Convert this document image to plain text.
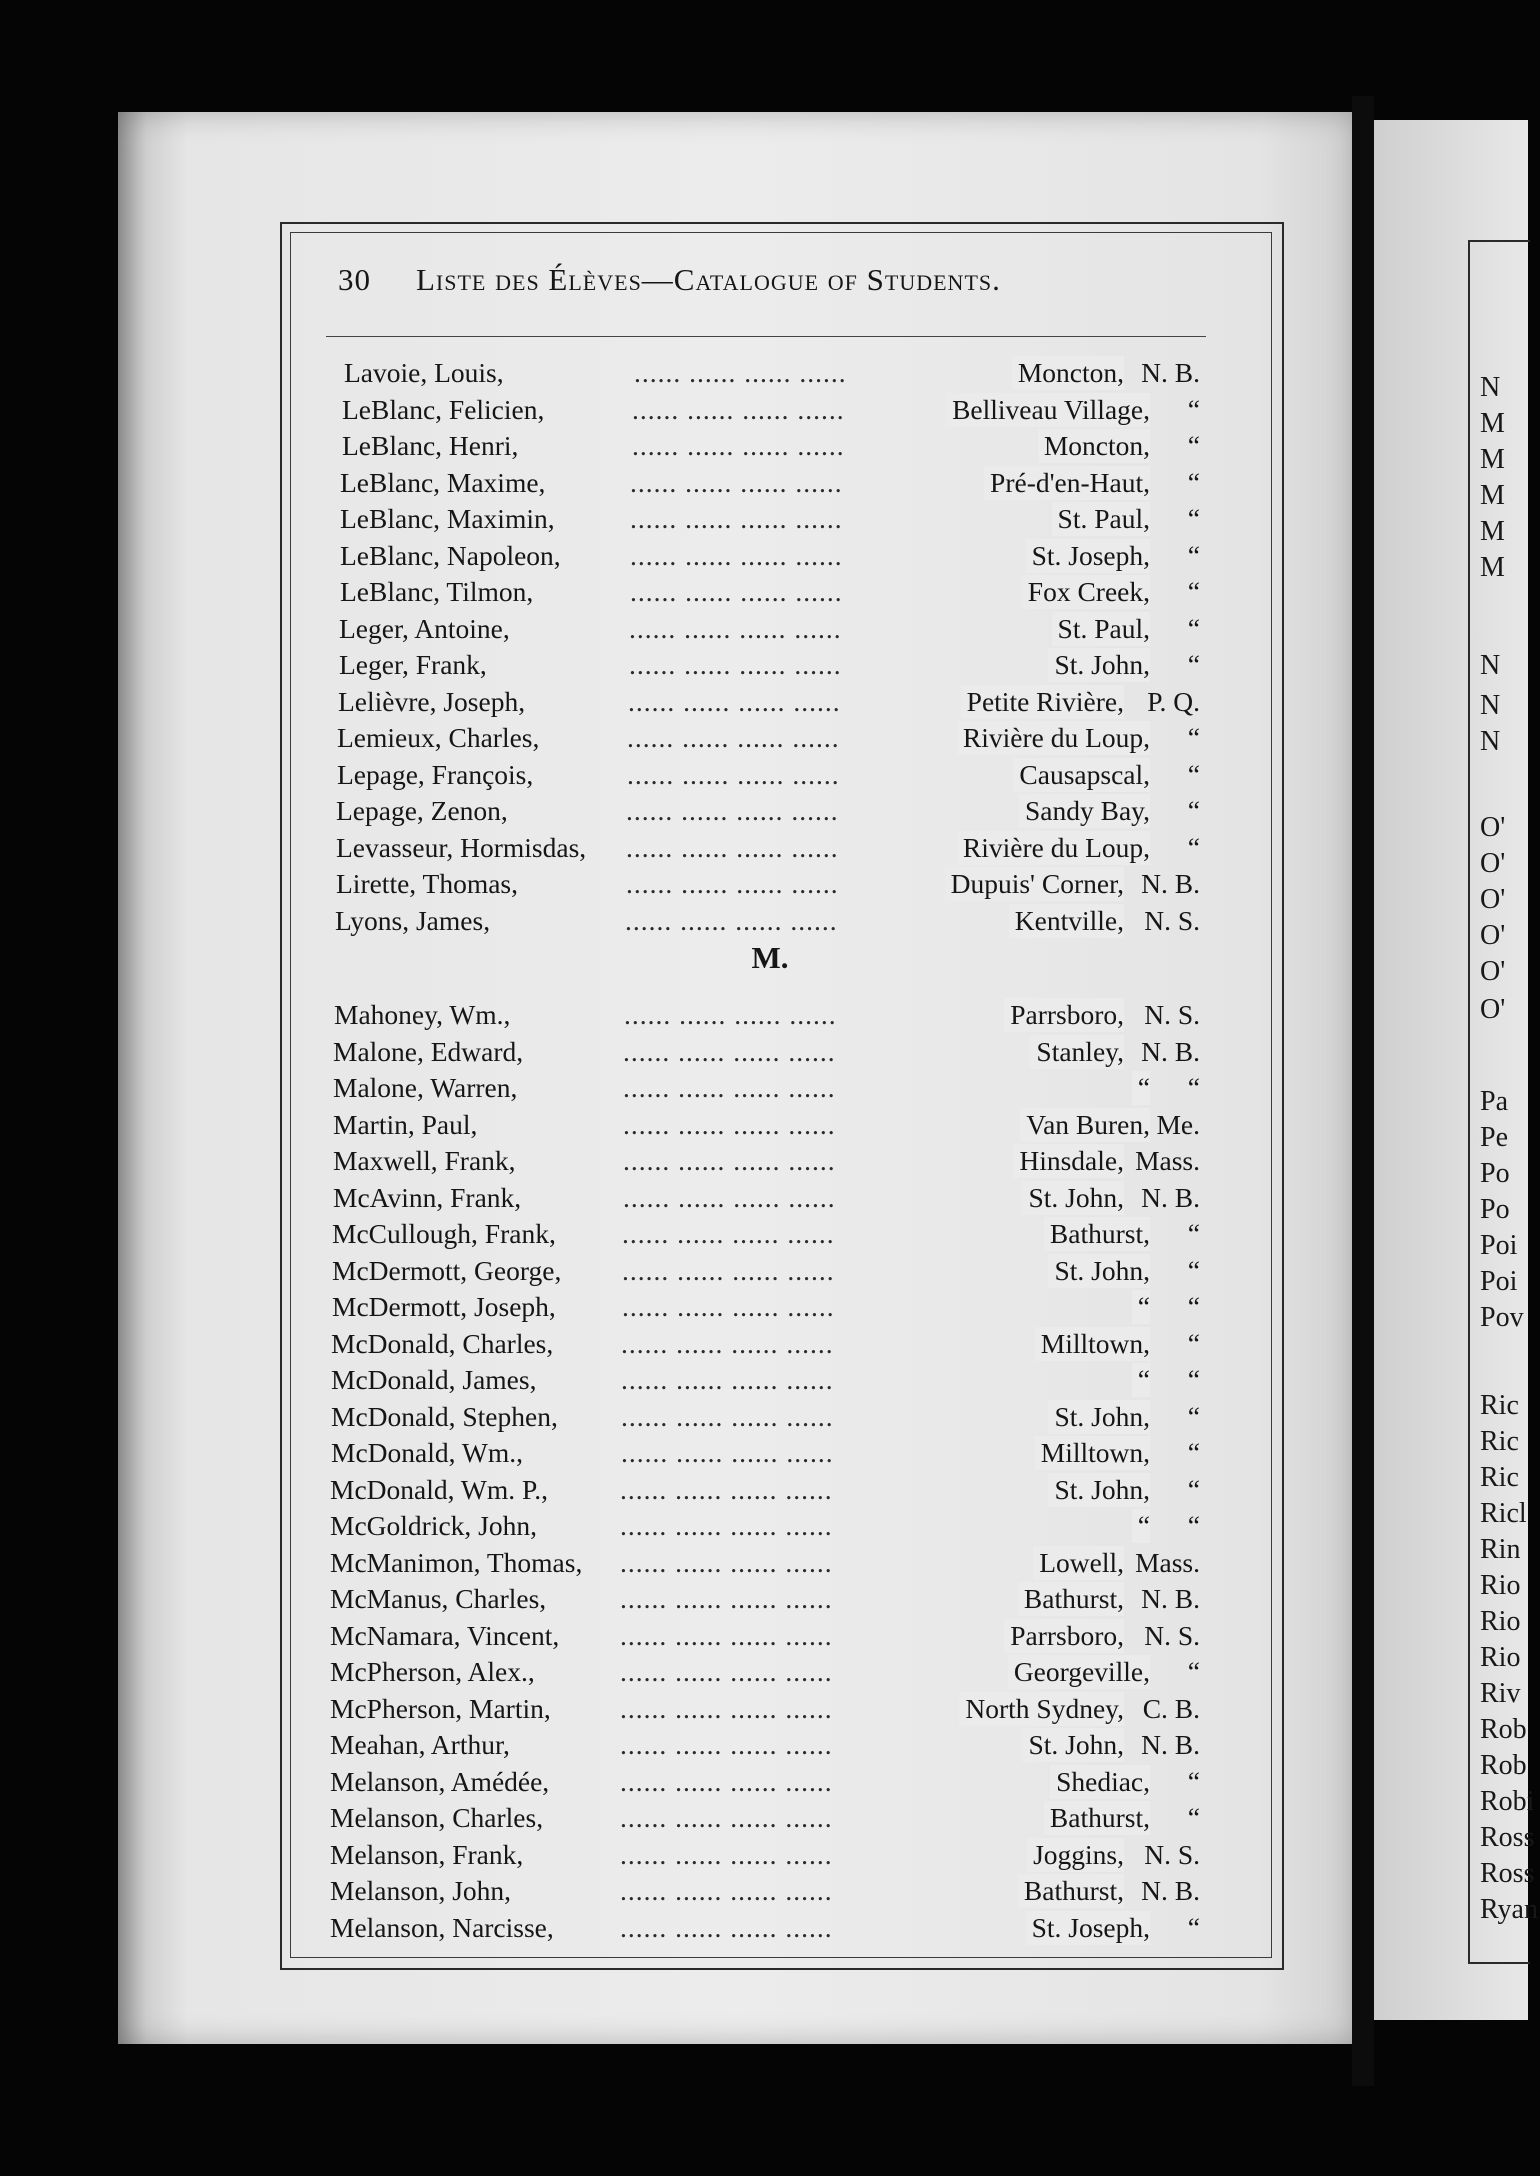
N
M
M
M
M
M
N
N
N
O'
O'
O'
O'
O'
O'
Pa
Pe
Po
Po
Poi
Poi
Pov
Ric
Ric
Ric
Ricl
Rin
Rio
Rio
Rio
Riv
Rob
Rob
Robi
Ross
Ross
Ryan
30 Liste des Élèves—Catalogue of Students.
M.
Lavoie, Louis,	...... ...... ...... ......	Moncton, N. B.
LeBlanc, Felicien,	...... ...... ...... ......	Belliveau Village,	“
LeBlanc, Henri,	...... ...... ...... ......	Moncton,	“
LeBlanc, Maxime,	...... ...... ...... ......	Pré-d'en-Haut,	“
LeBlanc, Maximin,	...... ...... ...... ......	St. Paul,	“
LeBlanc, Napoleon,	...... ...... ...... ......	St. Joseph,	“
LeBlanc, Tilmon,	...... ...... ...... ......	Fox Creek,	“
Leger, Antoine,	...... ...... ...... ......	St. Paul,	“
Leger, Frank,	...... ...... ...... ......	St. John,	“
Lelièvre, Joseph,	...... ...... ...... ......	Petite Rivière, P. Q.
Lemieux, Charles,	...... ...... ...... ......	Rivière du Loup,	“
Lepage, François,	...... ...... ...... ......	Causapscal,	“
Lepage, Zenon,	...... ...... ...... ......	Sandy Bay,	“
Levasseur, Hormisdas, ...... ...... ...... ......	Rivière du Loup,	“
Lirette, Thomas,	...... ...... ...... ......	Dupuis' Corner, N. B.
Lyons, James,	...... ...... ...... ......	Kentville, N. S.
Mahoney, Wm.,	...... ...... ...... ......	Parrsboro, N. S.
Malone, Edward,	...... ...... ...... ......	Stanley, N. B.
Malone, Warren,	...... ...... ...... ......	“	“
Martin, Paul,	...... ...... ...... ......	Van Buren, Me.
Maxwell, Frank,	...... ...... ...... ......	Hinsdale, Mass.
McAvinn, Frank,	...... ...... ...... ......	St. John, N. B.
McCullough, Frank, ...... ...... ...... ......	Bathurst,	“
McDermott, George, ...... ...... ...... ......	St. John,	“
McDermott, Joseph, ...... ...... ...... ......	“	“
McDonald, Charles, ...... ...... ...... ......	Milltown,	“
McDonald, James,	...... ...... ...... ......	“	“
McDonald, Stephen, ...... ...... ...... ......	St. John,	“
McDonald, Wm.,	...... ...... ...... ......	Milltown,	“
McDonald, Wm. P.,	...... ...... ...... ......	St. John,	“
McGoldrick, John,	...... ...... ...... ......	“	“
McManimon, Thomas, ...... ...... ...... ......	Lowell, Mass.
McManus, Charles,	...... ...... ...... ......	Bathurst, N. B.
McNamara, Vincent, ...... ...... ...... ......	Parrsboro, N. S.
McPherson, Alex.,	...... ...... ...... ......	Georgeville,	“
McPherson, Martin,	...... ...... ...... ......	North Sydney, C. B.
Meahan, Arthur,	...... ...... ...... ......	St. John, N. B.
Melanson, Amédée,	...... ...... ...... ......	Shediac,	“
Melanson, Charles,	...... ...... ...... ......	Bathurst,	“
Melanson, Frank,	...... ...... ...... ......	Joggins, N. S.
Melanson, John,	...... ...... ...... ......	Bathurst, N. B.
Melanson, Narcisse, ...... ...... ...... ......	St. Joseph,	“
